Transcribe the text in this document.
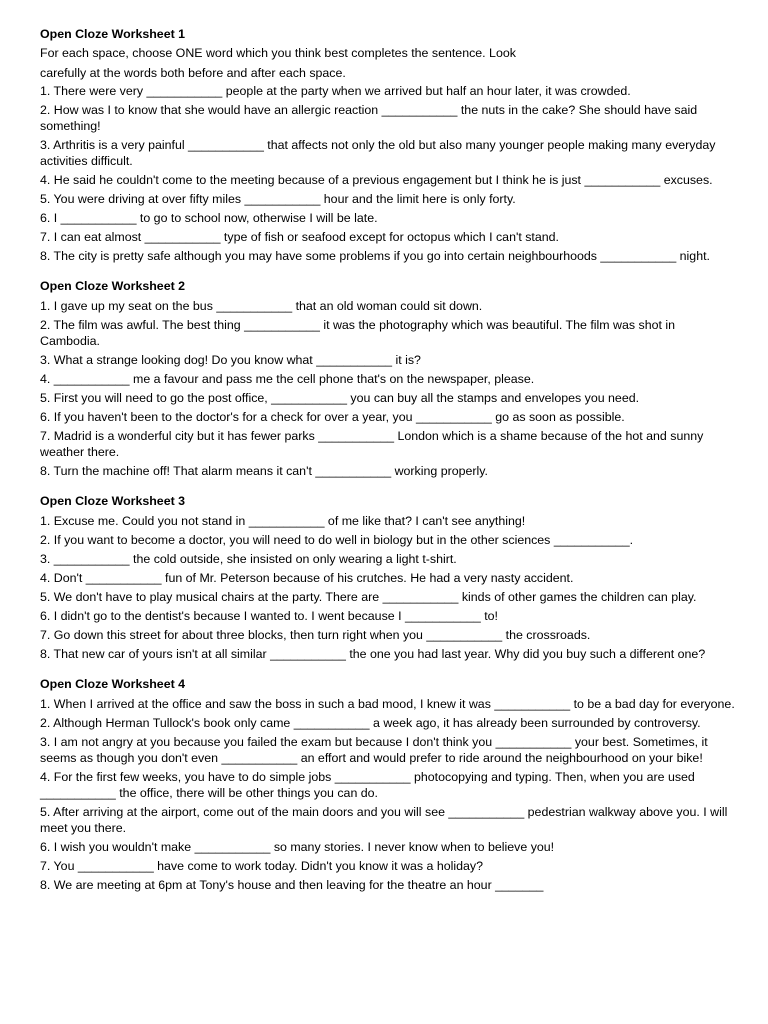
Open Cloze Worksheet 1

For each space, choose ONE word which you think best completes the sentence. Look

carefully at the words both before and after each space.

1. There were very ___________ people at the party when we arrived but half an hour later, it was crowded.

2. How was I to know that she would have an allergic reaction ___________ the nuts in the cake? She should have said something!

3. Arthritis is a very painful ___________ that affects not only the old but also many younger people making many everyday activities difficult.

4. He said he couldn't come to the meeting because of a previous engagement but I think he is just ___________ excuses.

5. You were driving at over fifty miles ___________ hour and the limit here is only forty.

6. I ___________ to go to school now, otherwise I will be late.

7. I can eat almost ___________ type of fish or seafood except for octopus which I can't stand.

8. The city is pretty safe although you may have some problems if you go into certain neighbourhoods ___________ night.

Open Cloze Worksheet 2

1. I gave up my seat on the bus ___________ that an old woman could sit down.

2. The film was awful. The best thing ___________ it was the photography which was beautiful. The film was shot in Cambodia.

3. What a strange looking dog! Do you know what ___________ it is?

4. ___________ me a favour and pass me the cell phone that's on the newspaper, please.

5. First you will need to go the post office, ___________ you can buy all the stamps and envelopes you need.

6. If you haven't been to the doctor's for a check for over a year, you ___________ go as soon as possible.

7. Madrid is a wonderful city but it has fewer parks ___________ London which is a shame because of the hot and sunny weather there.

8. Turn the machine off! That alarm means it can't ___________ working properly.

Open Cloze Worksheet 3

1. Excuse me. Could you not stand in ___________ of me like that? I can't see anything!

2. If you want to become a doctor, you will need to do well in biology but in the other sciences ___________.

3. ___________ the cold outside, she insisted on only wearing a light t-shirt.

4. Don't ___________ fun of Mr. Peterson because of his crutches. He had a very nasty accident.

5. We don't have to play musical chairs at the party. There are ___________ kinds of other games the children can play.

6. I didn't go to the dentist's because I wanted to. I went because I ___________ to!

7. Go down this street for about three blocks, then turn right when you ___________ the crossroads.

8. That new car of yours isn't at all similar ___________ the one you had last year. Why did you buy such a different one?

Open Cloze Worksheet 4

1. When I arrived at the office and saw the boss in such a bad mood, I knew it was ___________ to be a bad day for everyone.

2. Although Herman Tullock's book only came ___________ a week ago, it has already been surrounded by controversy.

3. I am not angry at you because you failed the exam but because I don't think you ___________ your best. Sometimes, it seems as though you don't even ___________ an effort and would prefer to ride around the neighbourhood on your bike!

4. For the first few weeks, you have to do simple jobs ___________ photocopying and typing. Then, when you are used ___________ the office, there will be other things you can do.

5. After arriving at the airport, come out of the main doors and you will see ___________ pedestrian walkway above you. I will meet you there.

6. I wish you wouldn't make ___________ so many stories. I never know when to believe you!

7. You ___________ have come to work today. Didn't you know it was a holiday?

8. We are meeting at 6pm at Tony's house and then leaving for the theatre an hour _______
